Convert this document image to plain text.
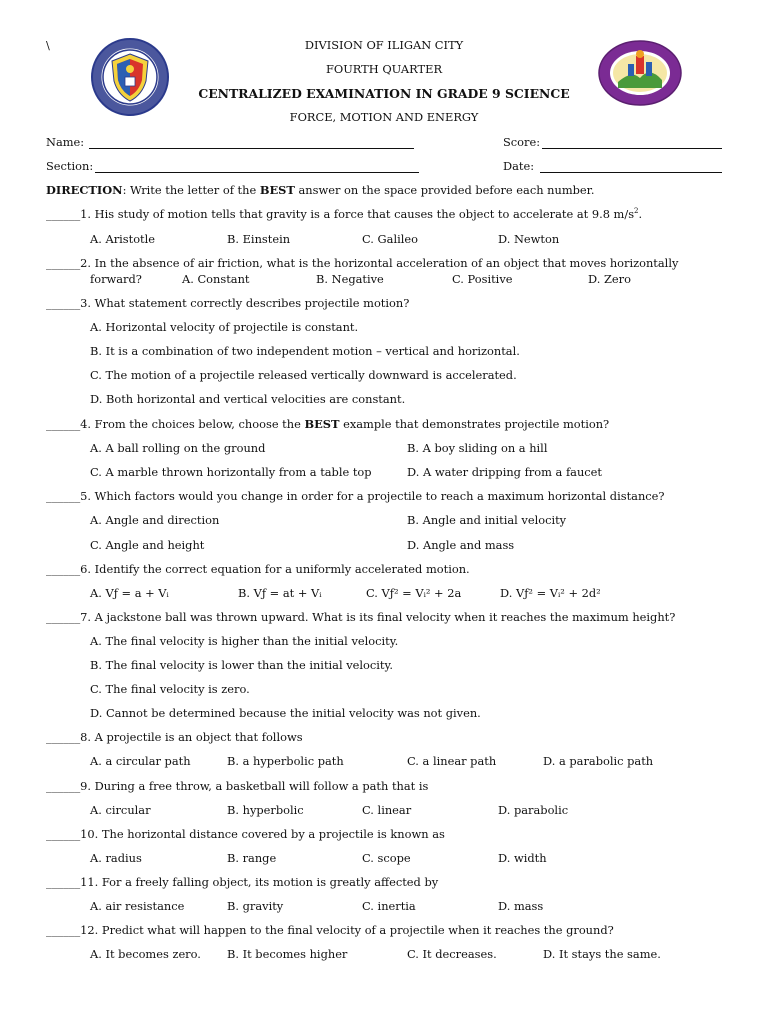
\	DIVISION OF ILIGAN CITY
FOURTH QUARTER
CENTRALIZED EXAMINATION IN GRADE 9 SCIENCE
FORCE, MOTION AND ENERGY
Name:	Score:
Section:	Date:
DIRECTION: Write the letter of the BEST answer on the space provided before each number.
______1. His study of motion tells that gravity is a force that causes the object to accelerate at 9.8 $m/s^2$.
A. Aristotle	B. Einstein	C. Galileo	D. Newton
______2. In the absence of air friction, what is the horizontal acceleration of an object that moves horizontally
forward?	A. Constant	B. Negative	C. Positive	D. Zero
______3. What statement correctly describes projectile motion?
A. Horizontal velocity of projectile is constant.
B. It is a combination of two independent motion – vertical and horizontal.
C. The motion of a projectile released vertically downward is accelerated.
D. Both horizontal and vertical velocities are constant.
______4. From the choices below, choose the BEST example that demonstrates projectile motion?
A. A ball rolling on the ground	B. A boy sliding on a hill
C. A marble thrown horizontally from a table top	D. A water dripping from a faucet
______5. Which factors would you change in order for a projectile to reach a maximum horizontal distance?
A. Angle and direction	B. Angle and initial velocity
C. Angle and height	D. Angle and mass
______6. Identify the correct equation for a uniformly accelerated motion.
A. Vƒ = a + Vᵢ	B. Vƒ = at + Vᵢ	C. Vƒ² = Vᵢ² + 2a	D. Vƒ² = Vᵢ² + 2d²
______7. A jackstone ball was thrown upward. What is its final velocity when it reaches the maximum height?
A. The final velocity is higher than the initial velocity.
B. The final velocity is lower than the initial velocity.
C. The final velocity is zero.
D. Cannot be determined because the initial velocity was not given.
______8. A projectile is an object that follows
A. a circular path	B. a hyperbolic path	C. a linear path	D. a parabolic path
______9. During a free throw, a basketball will follow a path that is
A. circular	B. hyperbolic	C. linear	D. parabolic
______10. The horizontal distance covered by a projectile is known as
A. radius	B. range	C. scope	D. width
______11. For a freely falling object, its motion is greatly affected by
A. air resistance	B. gravity	C. inertia	D. mass
______12. Predict what will happen to the final velocity of a projectile when it reaches the ground?
A. It becomes zero. B. It becomes higher	C. It decreases.	D. It stays the same.
